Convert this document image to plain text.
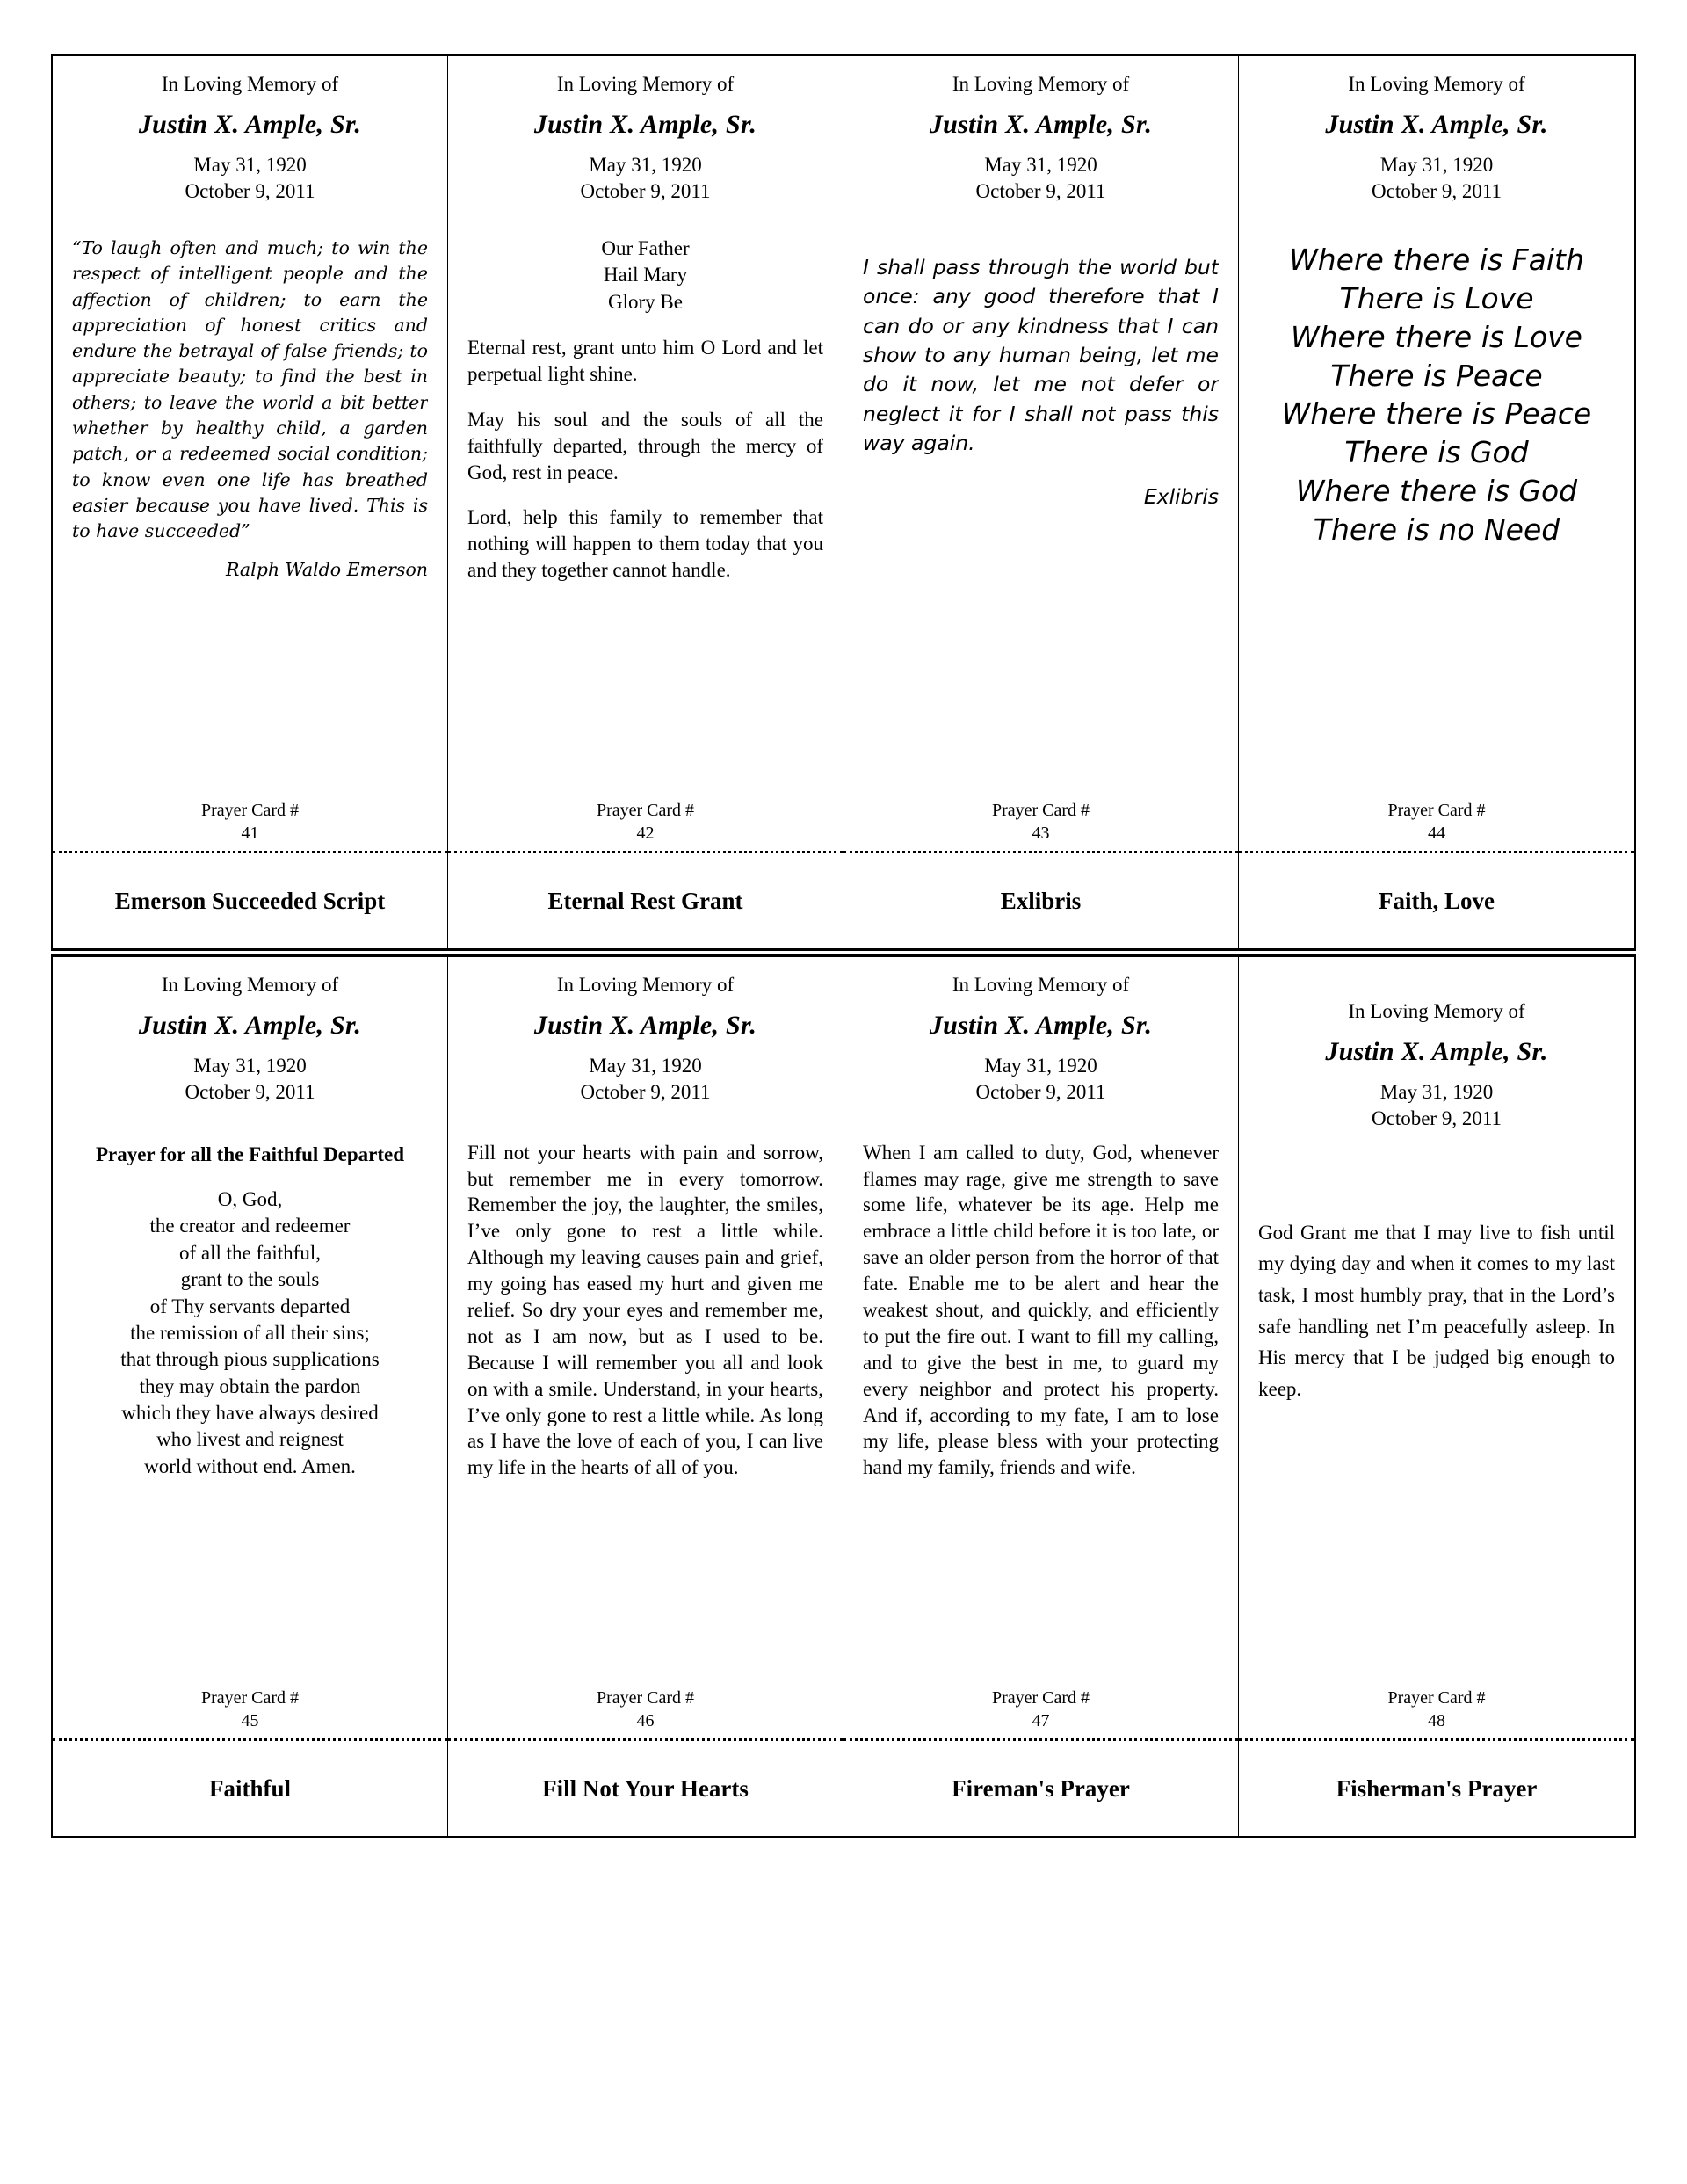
In Loving Memory of
Justin X. Ample, Sr.
May 31, 1920
October 9, 2011
“To laugh often and much; to win the respect of intelligent people and the affection of children; to earn the appreciation of honest critics and endure the betrayal of false friends; to appreciate beauty; to find the best in others; to leave the world a bit better whether by healthy child, a garden patch, or a redeemed social condition; to know even one life has breathed easier because you have lived. This is to have succeeded”
Ralph Waldo Emerson
Prayer Card #
41
Emerson Succeeded Script
In Loving Memory of
Justin X. Ample, Sr.
May 31, 1920
October 9, 2011
Our Father
Hail Mary
Glory Be

Eternal rest, grant unto him O Lord and let perpetual light shine.

May his soul and the souls of all the faithfully departed, through the mercy of God, rest in peace.

Lord, help this family to remember that nothing will happen to them today that you and they together cannot handle.

Prayer Card #
42
Eternal Rest Grant
In Loving Memory of
Justin X. Ample, Sr.
May 31, 1920
October 9, 2011
I shall pass through the world but once: any good therefore that I can do or any kindness that I can show to any human being, let me do it now, let me not defer or neglect it for I shall not pass this way again.
Exlibris
Prayer Card #
43
Exlibris
In Loving Memory of
Justin X. Ample, Sr.
May 31, 1920
October 9, 2011
Where there is Faith
There is Love
Where there is Love
There is Peace
Where there is Peace
There is God
Where there is God
There is no Need
Prayer Card #
44
Faith, Love
In Loving Memory of
Justin X. Ample, Sr.
May 31, 1920
October 9, 2011
Prayer for all the Faithful Departed
O, God,
the creator and redeemer
of all the faithful,
grant to the souls
of Thy servants departed
the remission of all their sins;
that through pious supplications
they may obtain the pardon
which they have always desired
who livest and reignest
world without end. Amen.
Prayer Card #
45
Faithful
In Loving Memory of
Justin X. Ample, Sr.
May 31, 1920
October 9, 2011
Fill not your hearts with pain and sorrow, but remember me in every tomorrow. Remember the joy, the laughter, the smiles, I’ve only gone to rest a little while. Although my leaving causes pain and grief, my going has eased my hurt and given me relief. So dry your eyes and remember me, not as I am now, but as I used to be. Because I will remember you all and look on with a smile. Understand, in your hearts, I’ve only gone to rest a little while. As long as I have the love of each of you, I can live my life in the hearts of all of you.
Prayer Card #
46
Fill Not Your Hearts
In Loving Memory of
Justin X. Ample, Sr.
May 31, 1920
October 9, 2011
When I am called to duty, God, whenever flames may rage, give me strength to save some life, whatever be its age. Help me embrace a little child before it is too late, or save an older person from the horror of that fate. Enable me to be alert and hear the weakest shout, and quickly, and efficiently to put the fire out. I want to fill my calling, and to give the best in me, to guard my every neighbor and protect his property. And if, according to my fate, I am to lose my life, please bless with your protecting hand my family, friends and wife.
Prayer Card #
47
Fireman's Prayer
In Loving Memory of
Justin X. Ample, Sr.
May 31, 1920
October 9, 2011
God Grant me that I may live to fish until my dying day and when it comes to my last task, I most humbly pray, that in the Lord’s safe handling net I’m peacefully asleep. In His mercy that I be judged big enough to keep.
Prayer Card #
48
Fisherman's Prayer
